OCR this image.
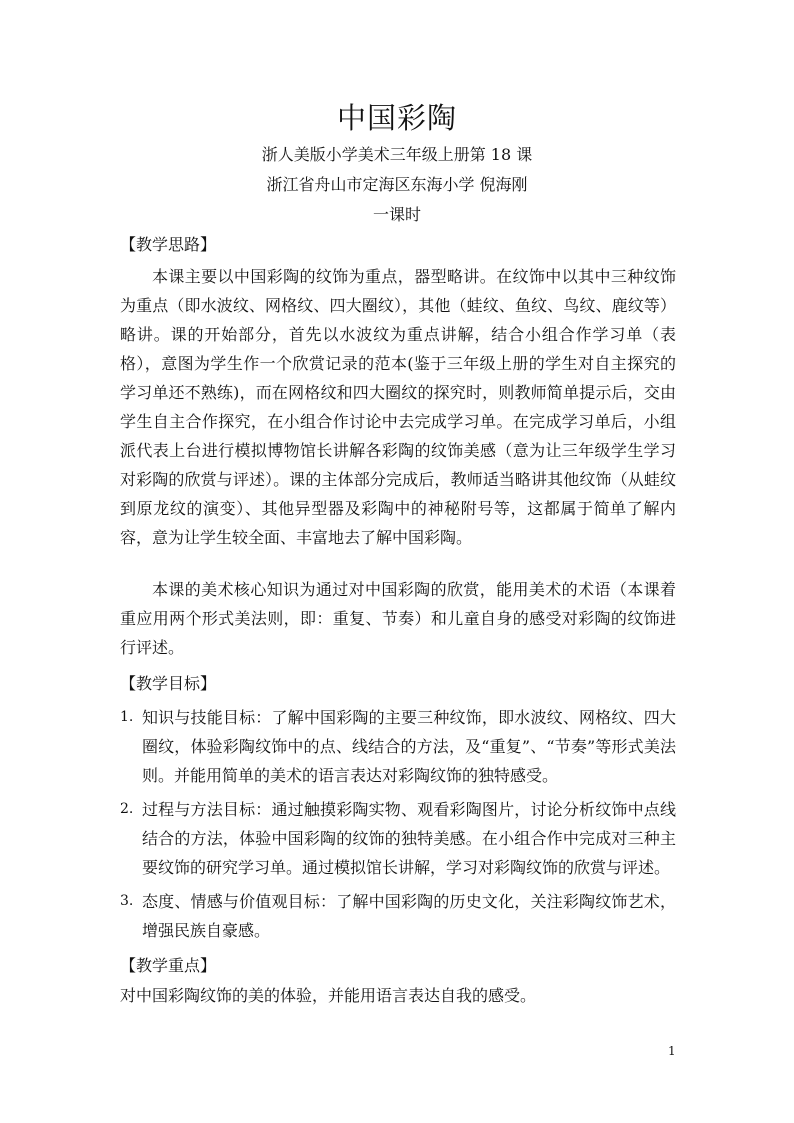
中国彩陶
浙人美版小学美术三年级上册第 18 课
浙江省舟山市定海区东海小学 倪海刚
一课时
【教学思路】

本课主要以中国彩陶的纹饰为重点，器型略讲。在纹饰中以其中三种纹饰为重点（即水波纹、网格纹、四大圈纹），其他（蛙纹、鱼纹、鸟纹、鹿纹等）略讲。课的开始部分，首先以水波纹为重点讲解，结合小组合作学习单（表格），意图为学生作一个欣赏记录的范本(鉴于三年级上册的学生对自主探究的学习单还不熟练)，而在网格纹和四大圈纹的探究时，则教师简单提示后，交由学生自主合作探究，在小组合作讨论中去完成学习单。在完成学习单后，小组派代表上台进行模拟博物馆长讲解各彩陶的纹饰美感（意为让三年级学生学习对彩陶的欣赏与评述）。课的主体部分完成后，教师适当略讲其他纹饰（从蛙纹到原龙纹的演变）、其他异型器及彩陶中的神秘附号等，这都属于简单了解内容，意为让学生较全面、丰富地去了解中国彩陶。

本课的美术核心知识为通过对中国彩陶的欣赏，能用美术的术语（本课着重应用两个形式美法则，即：重复、节奏）和儿童自身的感受对彩陶的纹饰进行评述。

【教学目标】
1. 知识与技能目标：了解中国彩陶的主要三种纹饰，即水波纹、网格纹、四大圈纹，体验彩陶纹饰中的点、线结合的方法，及“重复”、“节奏”等形式美法则。并能用简单的美术的语言表达对彩陶纹饰的独特感受。
2. 过程与方法目标：通过触摸彩陶实物、观看彩陶图片，讨论分析纹饰中点线结合的方法，体验中国彩陶的纹饰的独特美感。在小组合作中完成对三种主要纹饰的研究学习单。通过模拟馆长讲解，学习对彩陶纹饰的欣赏与评述。
3. 态度、情感与价值观目标：了解中国彩陶的历史文化，关注彩陶纹饰艺术，增强民族自豪感。
【教学重点】
对中国彩陶纹饰的美的体验，并能用语言表达自我的感受。
1
